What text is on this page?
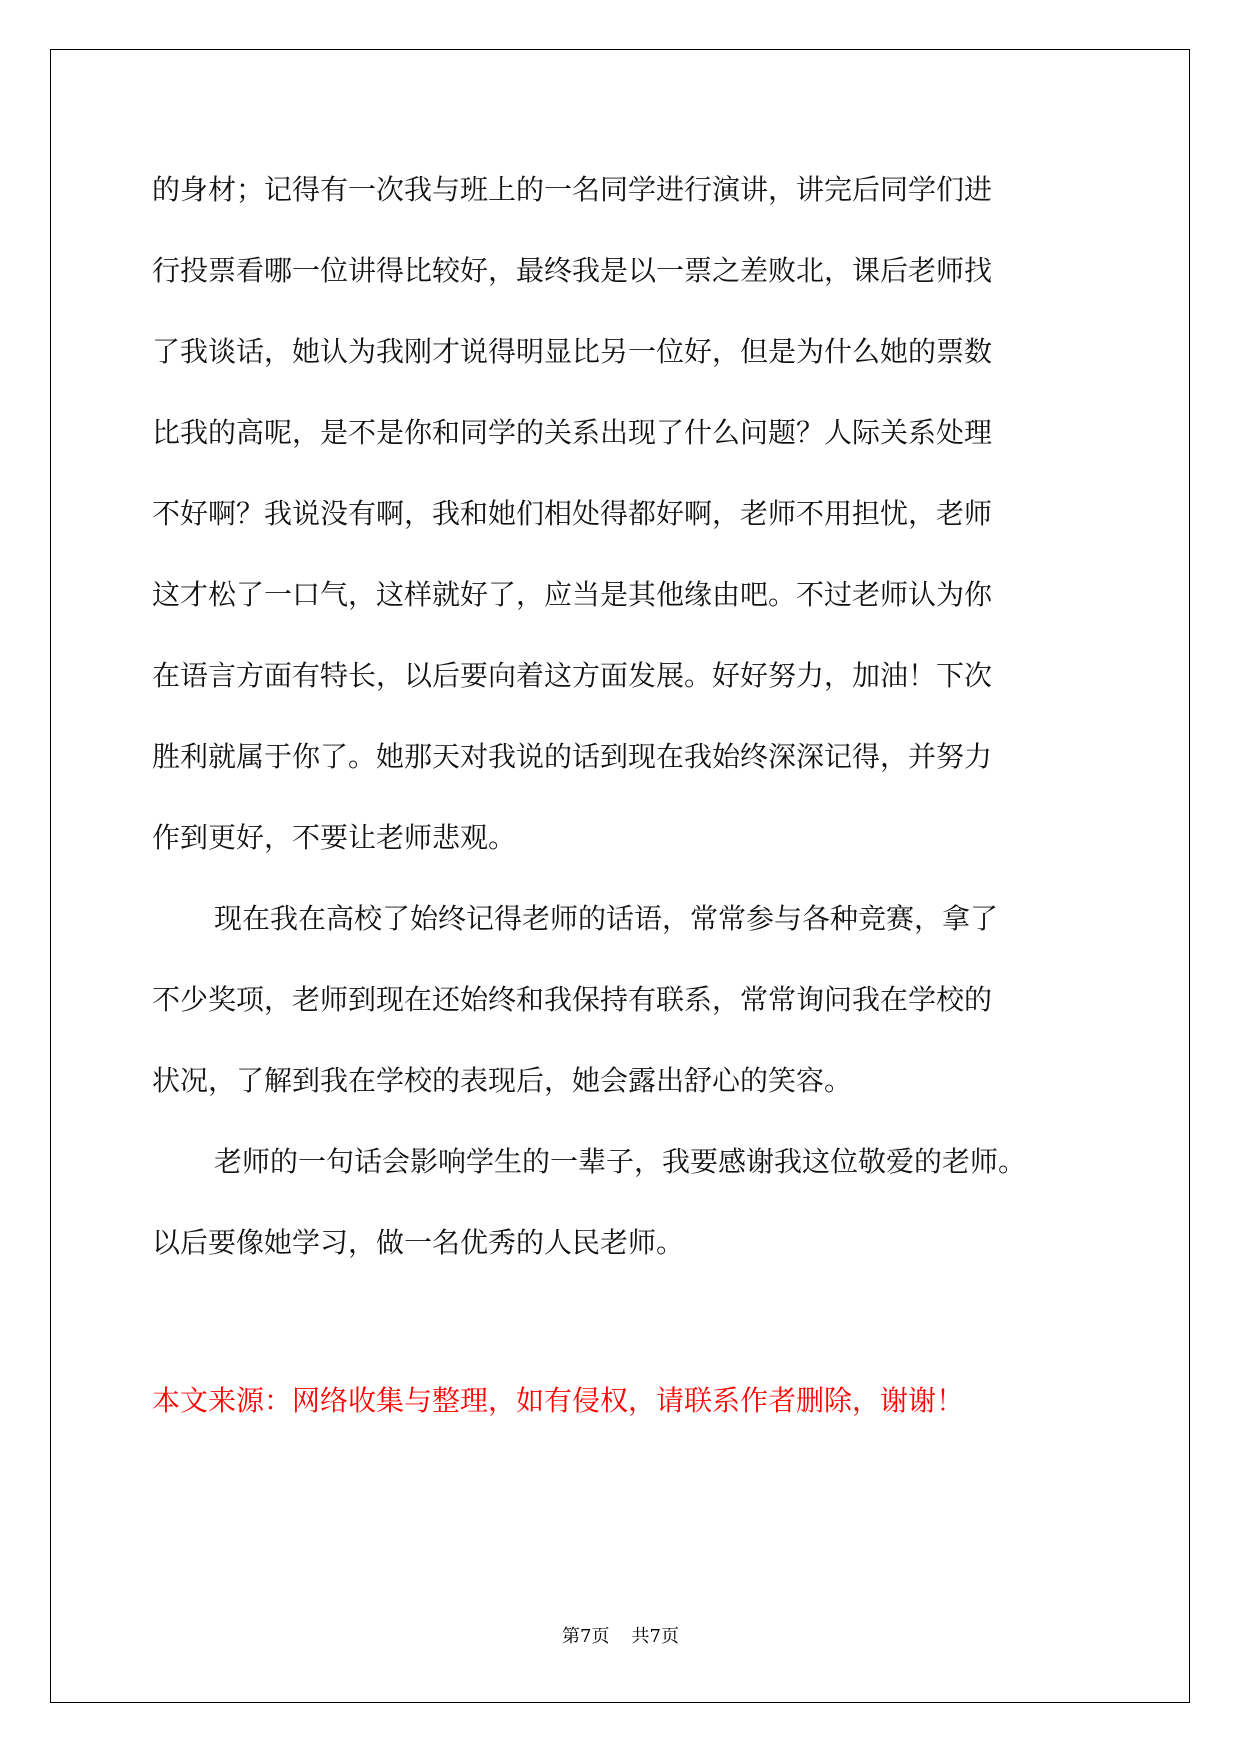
的身材；记得有一次我与班上的一名同学进行演讲，讲完后同学们进
行投票看哪一位讲得比较好，最终我是以一票之差败北，课后老师找
了我谈话，她认为我刚才说得明显比另一位好，但是为什么她的票数
比我的高呢，是不是你和同学的关系出现了什么问题？人际关系处理
不好啊？我说没有啊，我和她们相处得都好啊，老师不用担忧，老师
这才松了一口气，这样就好了，应当是其他缘由吧。不过老师认为你
在语言方面有特长，以后要向着这方面发展。好好努力，加油！下次
胜利就属于你了。她那天对我说的话到现在我始终深深记得，并努力
作到更好，不要让老师悲观。
现在我在高校了始终记得老师的话语，常常参与各种竞赛，拿了
不少奖项，老师到现在还始终和我保持有联系，常常询问我在学校的
状况，了解到我在学校的表现后，她会露出舒心的笑容。
老师的一句话会影响学生的一辈子，我要感谢我这位敬爱的老师。
以后要像她学习，做一名优秀的人民老师。
本文来源：网络收集与整理，如有侵权，请联系作者删除，谢谢！
第7页 共7页
